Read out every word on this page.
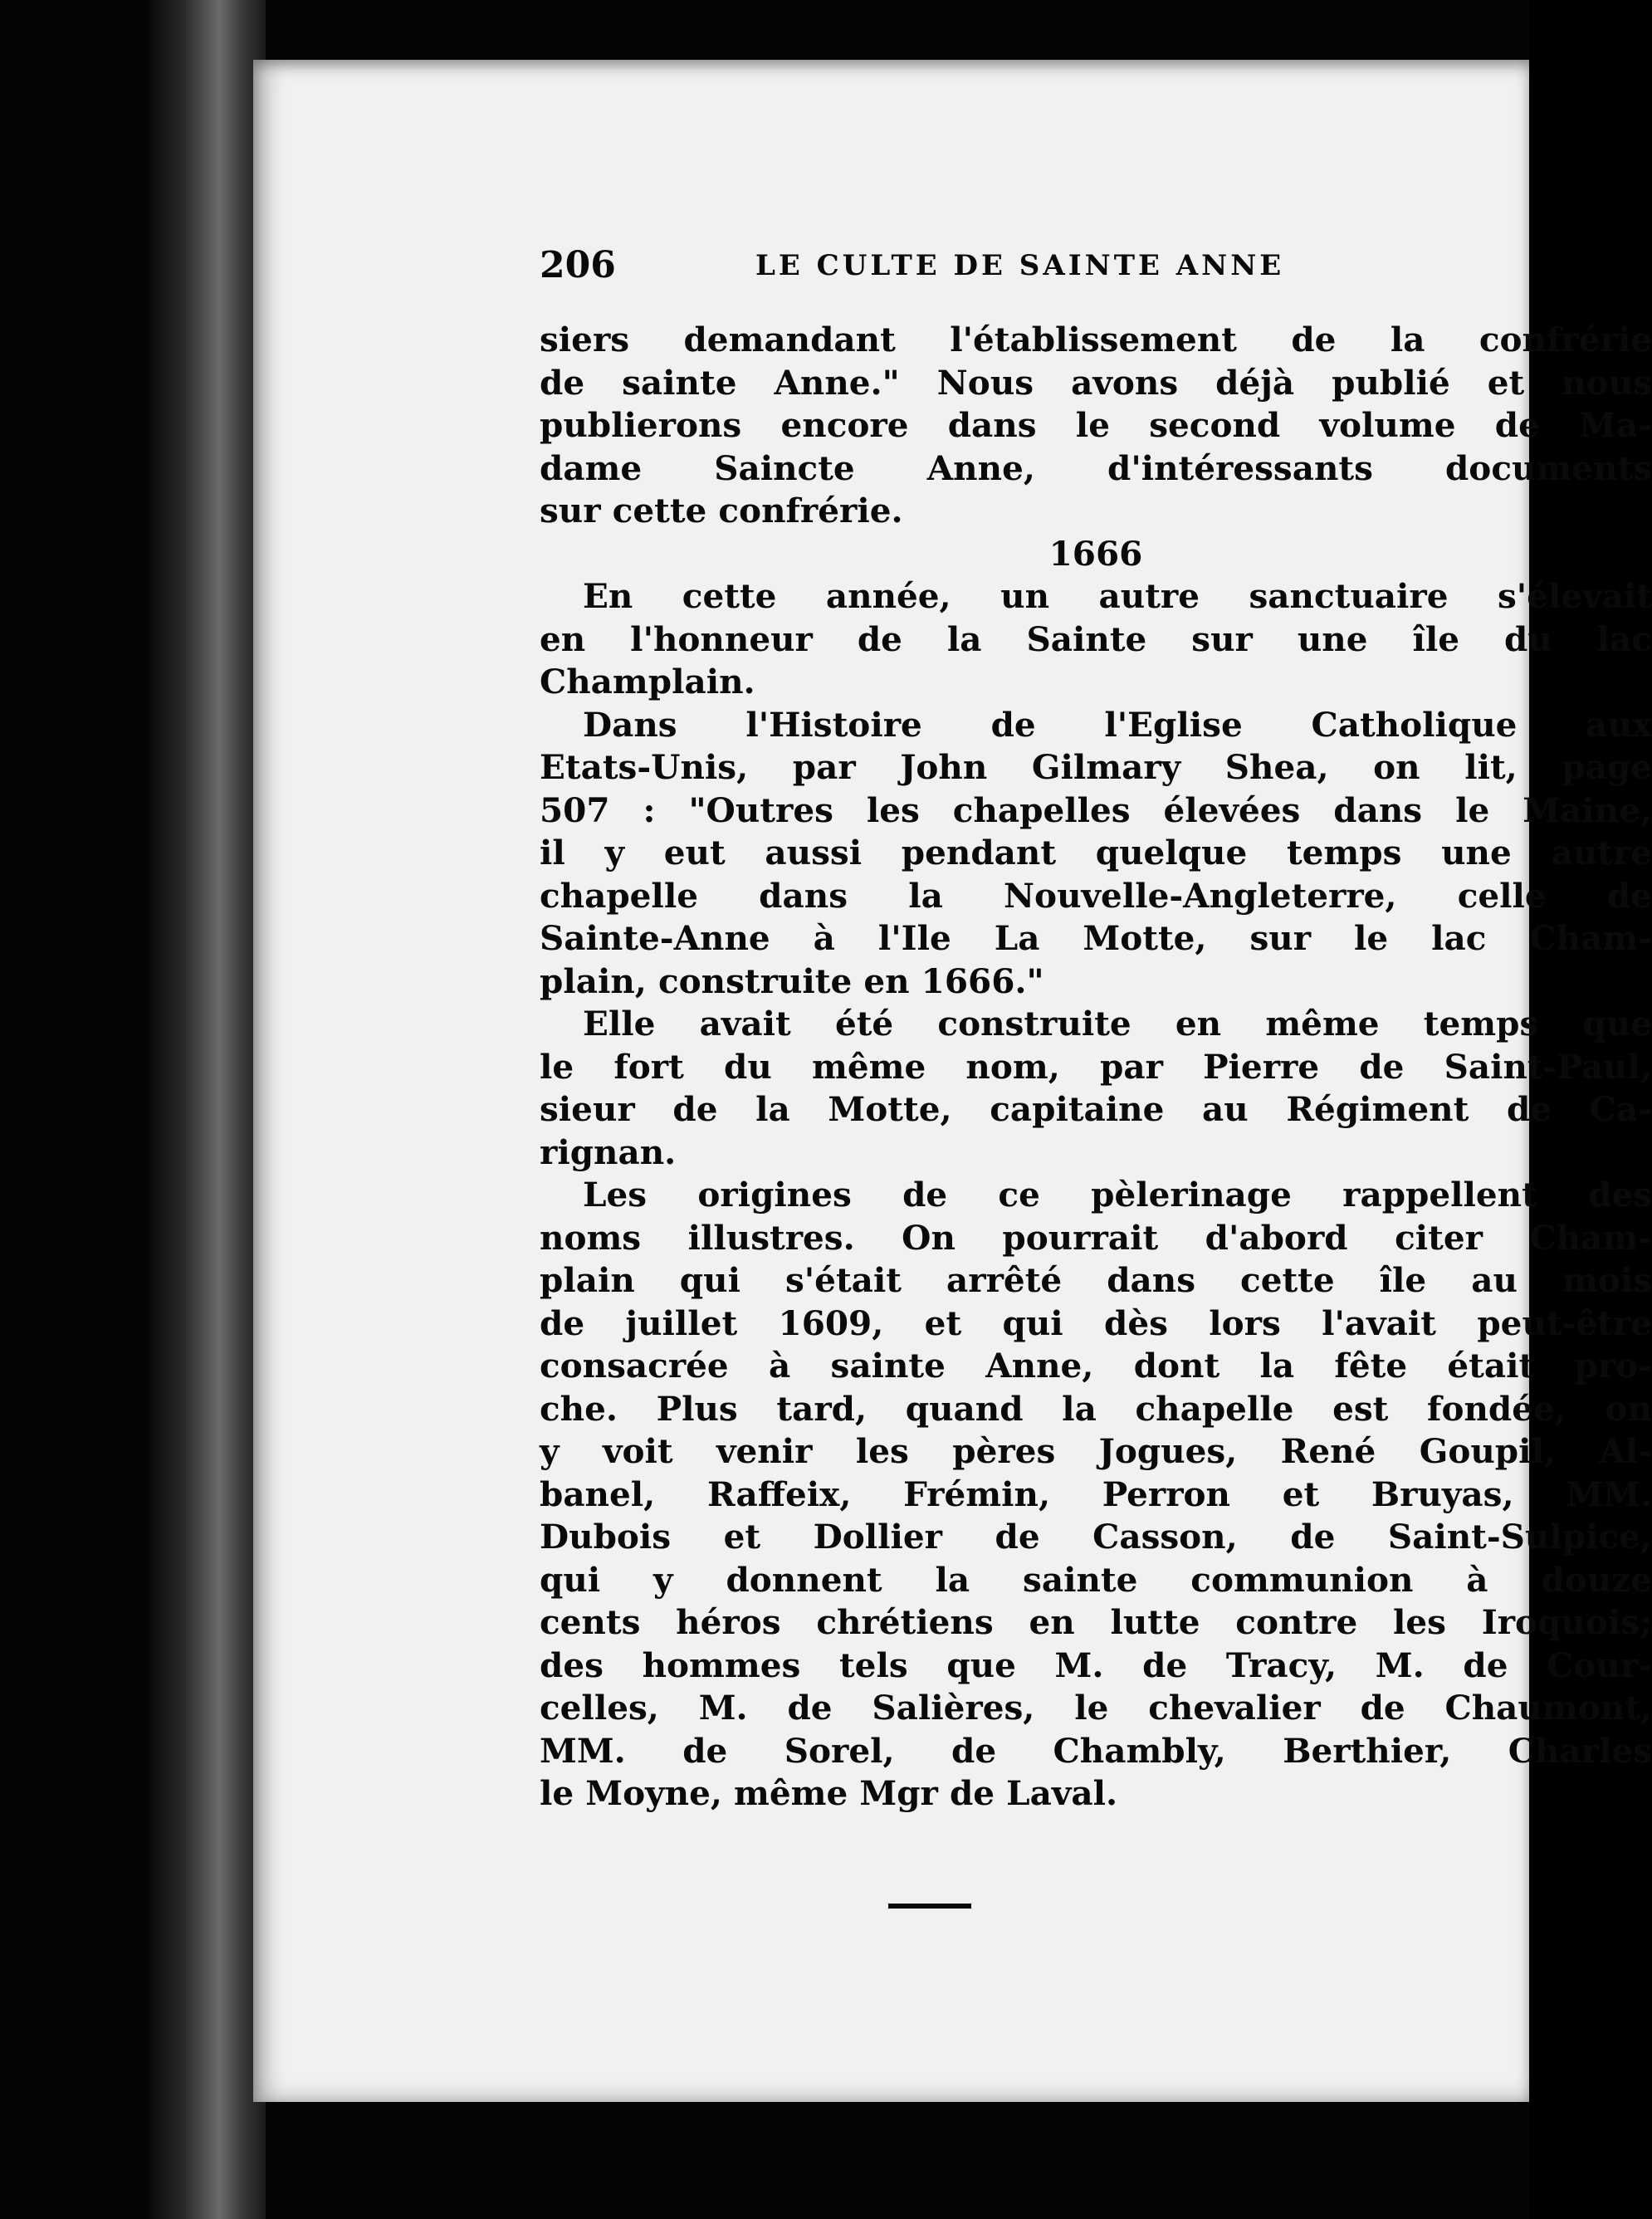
206	LE CULTE DE SAINTE ANNE
siers demandant l'établissement de la confrérie
de sainte Anne." Nous avons déjà publié et nous
publierons encore dans le second volume de Ma-
dame Saincte Anne, d'intéressants documents
sur cette confrérie.
1666
En cette année, un autre sanctuaire s'élevait
en l'honneur de la Sainte sur une île du lac
Champlain.
Dans l'Histoire de l'Eglise Catholique aux
Etats-Unis, par John Gilmary Shea, on lit, page
507 : "Outres les chapelles élevées dans le Maine,
il y eut aussi pendant quelque temps une autre
chapelle dans la Nouvelle-Angleterre, celle de
Sainte-Anne à l'Ile La Motte, sur le lac Cham-
plain, construite en 1666."
Elle avait été construite en même temps que
le fort du même nom, par Pierre de Saint-Paul,
sieur de la Motte, capitaine au Régiment de Ca-
rignan.
Les origines de ce pèlerinage rappellent des
noms illustres. On pourrait d'abord citer Cham-
plain qui s'était arrêté dans cette île au mois
de juillet 1609, et qui dès lors l'avait peut-être
consacrée à sainte Anne, dont la fête était pro-
che. Plus tard, quand la chapelle est fondée, on
y voit venir les pères Jogues, René Goupil, Al-
banel, Raffeix, Frémin, Perron et Bruyas, MM.
Dubois et Dollier de Casson, de Saint-Sulpice,
qui y donnent la sainte communion à douze
cents héros chrétiens en lutte contre les Iroquois;
des hommes tels que M. de Tracy, M. de Cour-
celles, M. de Salières, le chevalier de Chaumont,
MM. de Sorel, de Chambly, Berthier, Charles
le Moyne, même Mgr de Laval.
